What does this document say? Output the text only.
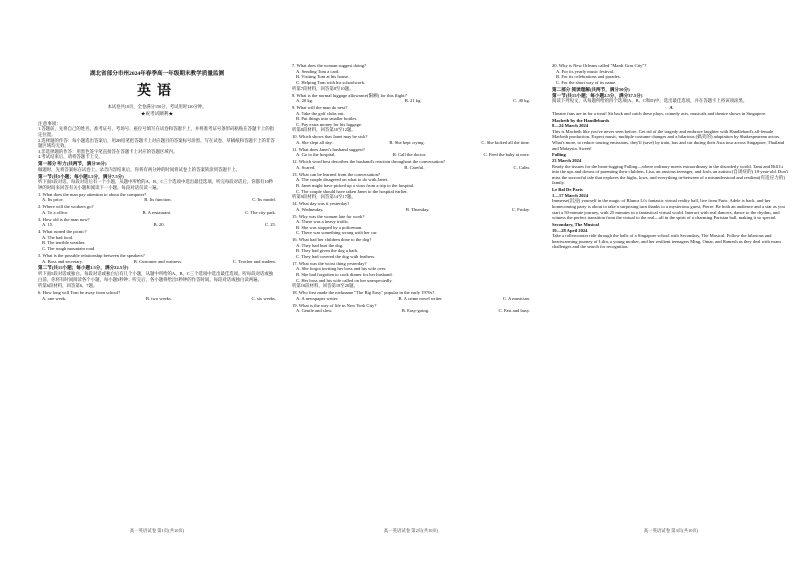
湖北省部分市州2024年春季高一年级期末教学质量监测

英语

本试卷共10页，全卷满分150分，考试用时120分钟。

★祝考试顺利★

注意事项：

1.答题前，先将自己的姓名、准考证号、考场号、座位号填写在试卷和答题卡上，并将准考证号条形码粘贴在答题卡上的指定位置。

2.选择题的作答：每小题选出答案后，用2B铅笔把答题卡上对应题目的答案标号涂黑。写在试卷、草稿纸和答题卡上的非答题区域均无效。

3.非选择题的作答：用黑色签字笔直接答在答题卡上对应的答题区域内。

4.考试结束后，请将答题卡上交。

第一部分 听力(共两节，满分30分)

做题时，先将答案标在试卷上。录音内容结束后，你将有两分钟的时间将试卷上的答案转涂到答题卡上。

第一节(共5小题；每小题1.5分，满分7.5分)

听下面5段对话。每段对话后有一个小题，从题中所给的A、B、C三个选项中选出最佳选项。听完每段对话后，你都有10秒钟的时间来回答有关小题和阅读下一小题。每段对话仅读一遍。

1. What does the man pay attention to about the computer?

A. Its price.	B. Its function.	C. Its model.

2. Where will the workers go?

A. To a office.	B. A restaurant.	C. The city park.

3. How old is the man now?

A. 15.	B. 20.	C. 25.

4. What ruined the picnic?

A. The bad food.

B. The terrible weather.

C. The rough mountain road.

5. What is the possible relationship between the speakers?

A. Boss and secretary.	B. Customer and waitress.	C. Teacher and student.

第二节(共15小题；每小题1.5分，满分22.5分)

听下面5段对话或独白。每段对话或独白后有几个小题，从题中所给的A、B、C三个选项中选出最佳选项。听每段对话或独白前，你将有时间阅读各个小题，每小题5秒钟；听完后，各小题将给出5秒钟的作答时间。每段对话或独白读两遍。

听第6段材料，回答第6、7题。

6. How long will Tom be away from school?

A. one week.	B. two weeks.	C. six weeks.

高一英语试卷 第1页(共10页)

7. What does the woman suggest doing?

A. Sending Tom a card.

B. Visiting Tom at his house.

C. Helping Tom with his schoolwork.

听第7段材料，回答第8至10题。

8. What is the normal luggage allowance(限额) for this flight?

A. 20 kg.	B. 21 kg.	C. 40 kg.

9. What will the man do next?

A. Take the golf clubs out.

B. Put things into smaller bottles.

C. Pay extra money for his luggage.

听第8段材料，回答第10至12题。

10. Which shows that Janet may be sick?

A. She slept all day.	B. She kept crying.	C. She kicked all the time.

11. What does Janet's husband suggest?

A. Go to the hospital.	B. Call the doctor.	C. Feed the baby at once.

12. Which word best describes the husband's reaction throughout the conversation?

A. Scared.	B. Careful.	C. Calm.

13. What can be learned from the conversation?

A. The couple disagreed on what to do with Janet.

B. Janet might have picked up a virus from a trip to the hospital.

C. The couple should have taken Janet to the hospital earlier.

听第9段材料，回答第14至17题。

14. What day was it yesterday?

A. Wednesday.	B. Thursday.	C. Friday.

15. Why was the woman late for work?

A. There was a heavy traffic.

B. She was stopped by a policeman.

C. There was something wrong with her car.

16. What had her children done to the dog?

A. They had hurt the dog.

B. They had given the dog a bath.

C. They had covered the dog with feathers.

17. What was the worst thing yesterday?

A. She forgot inviting her boss and his wife over.

B. She had forgotten to cook dinner for her husband.

C. Her boss and his wife called on her unexpectedly.

听第10段材料，回答第18至20题。

18. Who first made the nickname "The Big Easy" popular in the early 1970s?

A. A newspaper writer.	B. A crime novel writer.	C. A musician.

19. What is the way of life in New York City?

A. Gentle and slow.	B. Easy-going.	C. Fast and busy.

高一英语试卷 第2页(共10页)

20. Why is New Orleans called "Mardi Gras City"?

A. For its yearly music festival.

B. For its celebrations and parades.

C. For the short way of its name.

第二部分 阅读理解(共两节，满分50分)

第一节(共15小题；每小题2.5分，满分37.5分)

阅读下列短文，从每题所给的四个选项(A、B、C和D)中，选出最佳选项，并在答题卡上将该项涂黑。

A

Theatre fans are in for a treat! Sit back and catch these plays, comedy acts, musicals and theatre shows in Singapore.

Macbeth by the Handlebards

8—24 March 2024

This is Macbeth like you've never seen before. Get rid of the tragedy and embrace laughter with Handlebard's all-female Macbeth production. Expect music, multiple costume changes and a hilarious (搞笑的) adaptation by Shakespearean actors. What's more, to reduce touring emissions, they'll (save) by train, bus and car during their Asia tour across Singapore, Thailand and Malaysia. Sweet!

Falling

23 March 2024

Ready the tissues for the heart-tugging Falling—where ordinary meets extraordinary in the disorderly world. Tami and Bill Li into the ups and downs of parenting their children, Lisa, an anxious teenager, and Josh, an autistic(自闭症的) 18-year-old. Don't miss the sorrowful tale that explores the highs, lows, and everything in-between of a misunderstood and resilient(有适应力的) family.

Le Bal De Paris

1—17 March 2024

Immerse(沉浸) yourself in the magic of Blanca Li's fantastic virtual reality ball, live from Paris. Adele is back, and her homecoming party is about to take a surprising turn thanks to a mysterious guest, Pierre. Be both an audience and a star as you start a 50-minute journey, with 25 minutes in a fantastical virtual world. Interact with real dancers, dance to the rhythm, and witness the perfect transition from the virtual to the real—all in the spirit of a charming Parisian ball, making it so special.

Secondary, The Musical

19—28 April 2024

Take a rollercoaster ride through the halls of a Singapore school with Secondary, The Musical. Follow the hilarious and heartwarming journey of Lilin, a young mother, and her resilient teenagers Ming, Omar, and Ramesh as they deal with exam challenges and the search for recognition.

高一英语试卷 第3页(共10页)
